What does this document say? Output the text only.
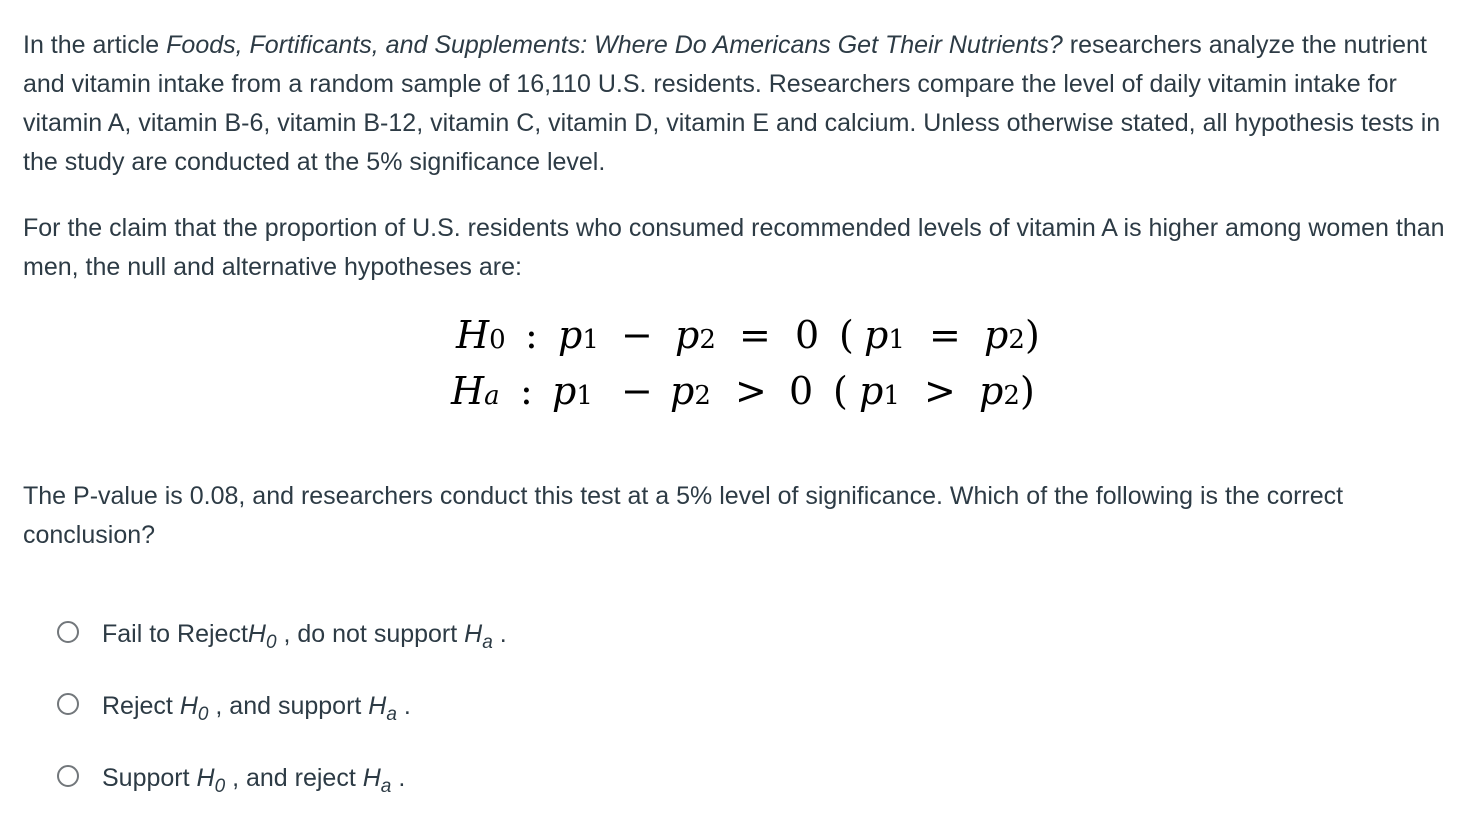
In the article Foods, Fortificants, and Supplements: Where Do Americans Get Their Nutrients? researchers analyze the nutrient and vitamin intake from a random sample of 16,110 U.S. residents. Researchers compare the level of daily vitamin intake for vitamin A, vitamin B-6, vitamin B-12, vitamin C, vitamin D, vitamin E and calcium. Unless otherwise stated, all hypothesis tests in the study are conducted at the 5% significance level.

For the claim that the proportion of U.S. residents who consumed recommended levels of vitamin A is higher among women than men, the null and alternative hypotheses are:

H0 : p1 − p2 = 0 ( p1 = p2 )
Ha : p1 − p2 > 0 ( p1 > p2 )

The P-value is 0.08, and researchers conduct this test at a 5% level of significance. Which of the following is the correct conclusion?

Fail to RejectH$_0$ , do not support $H_a$ .
Reject $H_0$ , and support $H_a$ .
Support $H_0$ , and reject $H_a$ .
